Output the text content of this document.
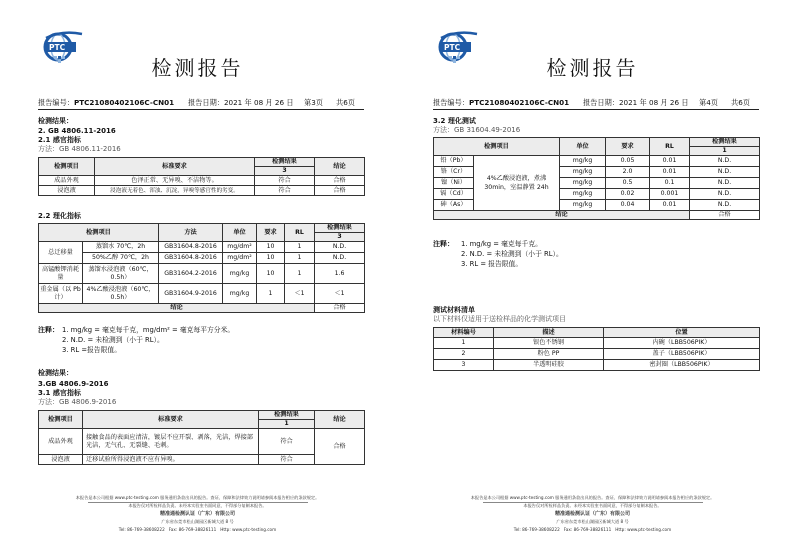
PTC
检测报告
报告编号：PTC21080402106C-CN01 报告日期：2021 年 08 月 26 日 第3页 共6页
检测结果：
2. GB 4806.11-2016
2.1 感官指标
方法：GB 4806.11-2016
检测项目	标准要求	检测结果	结论
		3	
成品外观	色泽正常、无异嗅、不洁物等。	符合	合格
浸泡液	浸泡液无着色、浑浊、沉淀，异嗅等感官性的劣变。	符合	合格
2.2 理化指标
检测项目		方法	单位	要求	RL	检测结果
						3
总迁移量	蒸馏水 70℃，2h	GB31604.8-2016	mg/dm²	10	1	N.D.
	50%乙醇 70℃，2h	GB31604.8-2016	mg/dm²	10	1	N.D.
高锰酸钾消耗量	蒸馏水浸泡液（60℃，0.5h）	GB31604.2-2016	mg/kg	10	1	1.6
重金属（以 Pb 计）	4%乙酸浸泡液（60℃，0.5h）	GB31604.9-2016	mg/kg	1	＜1	＜1
结论						合格
注释： 1. mg/kg = 毫克每千克，mg/dm² = 毫克每平方分米。
2. N.D. = 未检测到（小于 RL）。
3. RL =报告限值。
检测结果：
3.GB 4806.9-2016
3.1 感官指标
方法：GB 4806.9-2016
检测项目	标准要求	检测结果	结论
		1	
成品外观	接触食品的表面应清洁，镀层不应开裂、剥落，光洁，焊接部光洁，无气孔、无裂缝、毛刺。	符合	合格
浸泡液	迁移试验所得浸泡液不应有异嗅。	符合	
本报告是本公司根据 www.ptc-testing.com 服务通用条款出具的报告。查证、保障和法律效力说明请参阅本报告相应的条款规定。
本报告仅对所检样品负责。未经本实验室书面同意，不得部分复制本报告。
精准通检测认证（广东）有限公司
广东省东莞市松山湖园区新城大道 8 号
Tel: 86-769-38608222 Fax: 86-769-38826111 Http: www.ptc-testing.com
PTC
检测报告
报告编号：PTC21080402106C-CN01 报告日期：2021 年 08 月 26 日 第4页 共6页
3.2 理化测试
方法：GB 31604.49-2016
检测项目		单位	要求	RL	检测结果
					1
铅（Pb）	4%乙酸浸泡液，煮沸 30min，室温静置 24h	mg/kg	0.05	0.01	N.D.
铬（Cr）		mg/kg	2.0	0.01	N.D.
镍（Ni）		mg/kg	0.5	0.1	N.D.
镉（Cd）		mg/kg	0.02	0.001	N.D.
砷（As）		mg/kg	0.04	0.01	N.D.
结论					合格
注释： 1. mg/kg = 毫克每千克。
2. N.D. = 未检测到（小于 RL）。
3. RL = 报告限值。
测试材料清单
以下材料仅适用于送检样品的化学测试项目
材料编号	描述	位置
1	银色不锈钢	内碗（LBB506PIK）
2	粉色 PP	盖子（LBB506PIK）
3	半透明硅胶	密封圈（LBB506PIK）
本报告是本公司根据 www.ptc-testing.com 服务通用条款出具的报告。查证、保障和法律效力说明请参阅本报告相应的条款规定。
本报告仅对所检样品负责。未经本实验室书面同意，不得部分复制本报告。
精准通检测认证（广东）有限公司
广东省东莞市松山湖园区新城大道 8 号
Tel: 86-769-38608222 Fax: 86-769-38826111 Http: www.ptc-testing.com
